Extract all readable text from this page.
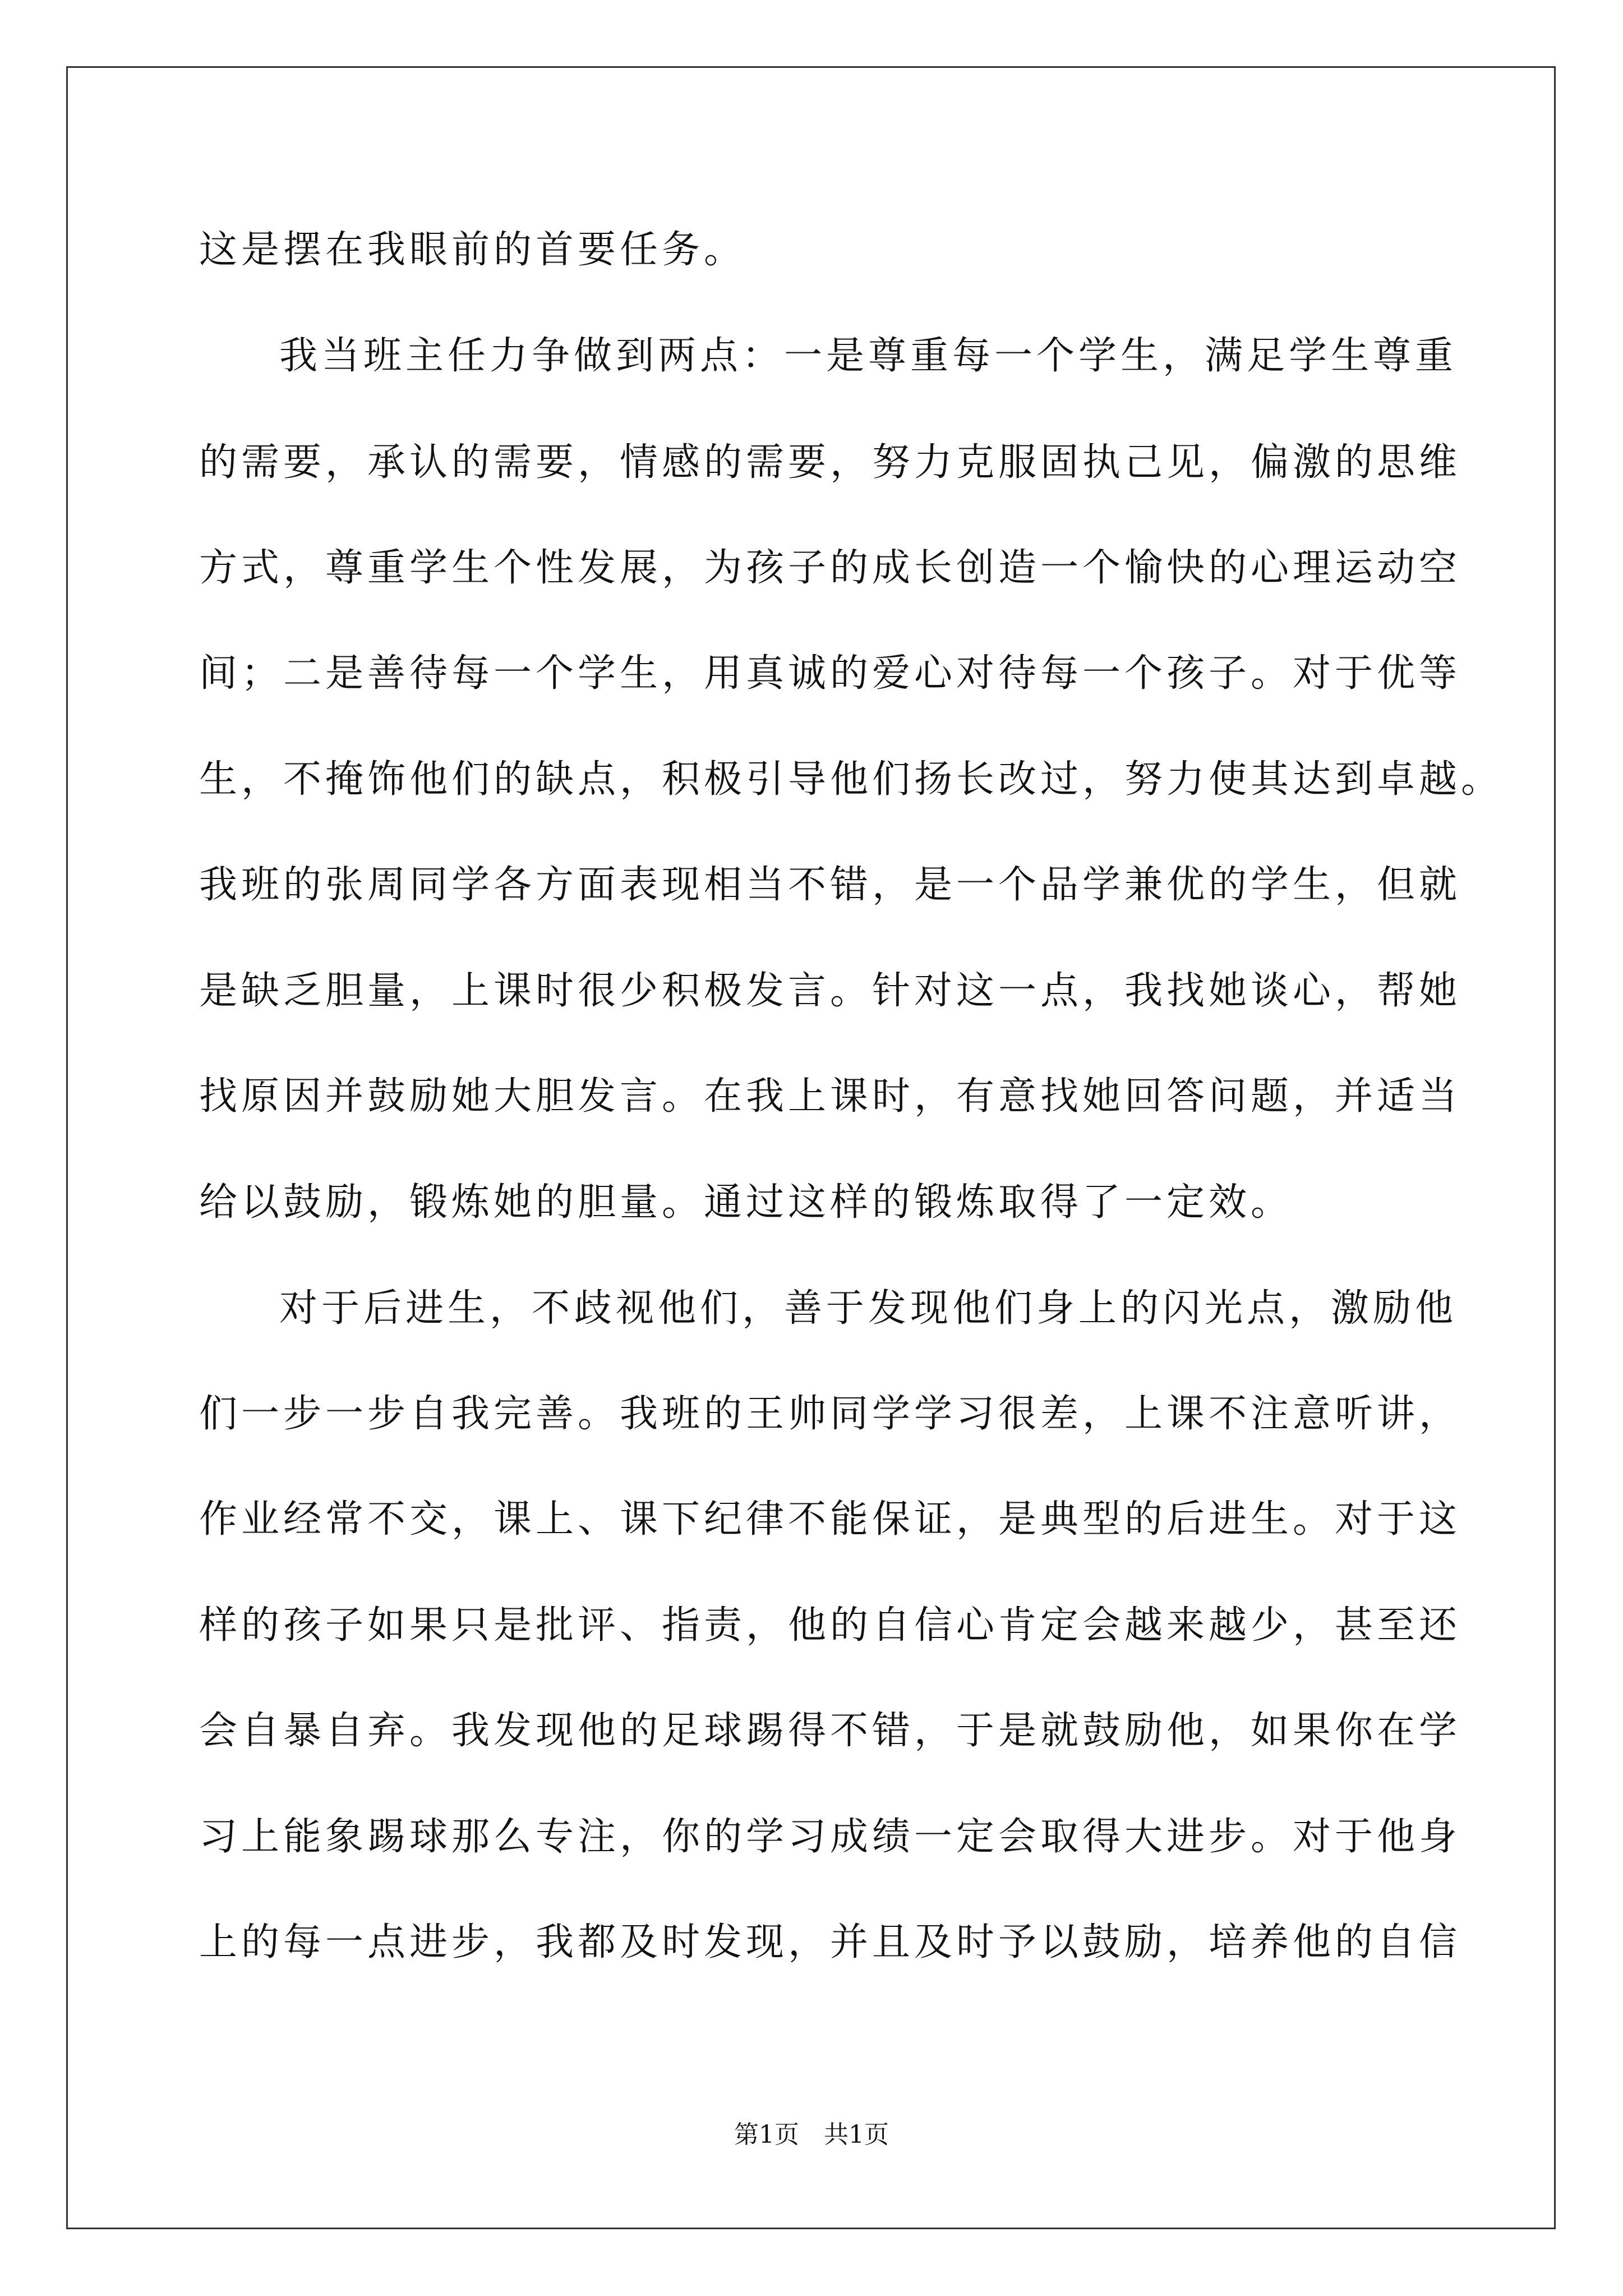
这是摆在我眼前的首要任务。
我当班主任力争做到两点：一是尊重每一个学生，满足学生尊重
的需要，承认的需要，情感的需要，努力克服固执己见，偏激的思维
方式，尊重学生个性发展，为孩子的成长创造一个愉快的心理运动空
间；二是善待每一个学生，用真诚的爱心对待每一个孩子。对于优等
生，不掩饰他们的缺点，积极引导他们扬长改过，努力使其达到卓越。
我班的张周同学各方面表现相当不错，是一个品学兼优的学生，但就
是缺乏胆量，上课时很少积极发言。针对这一点，我找她谈心，帮她
找原因并鼓励她大胆发言。在我上课时，有意找她回答问题，并适当
给以鼓励，锻炼她的胆量。通过这样的锻炼取得了一定效。
对于后进生，不歧视他们，善于发现他们身上的闪光点，激励他
们一步一步自我完善。我班的王帅同学学习很差，上课不注意听讲，
作业经常不交，课上、课下纪律不能保证，是典型的后进生。对于这
样的孩子如果只是批评、指责，他的自信心肯定会越来越少，甚至还
会自暴自弃。我发现他的足球踢得不错，于是就鼓励他，如果你在学
习上能象踢球那么专注，你的学习成绩一定会取得大进步。对于他身
上的每一点进步，我都及时发现，并且及时予以鼓励，培养他的自信
第1页　共1页
